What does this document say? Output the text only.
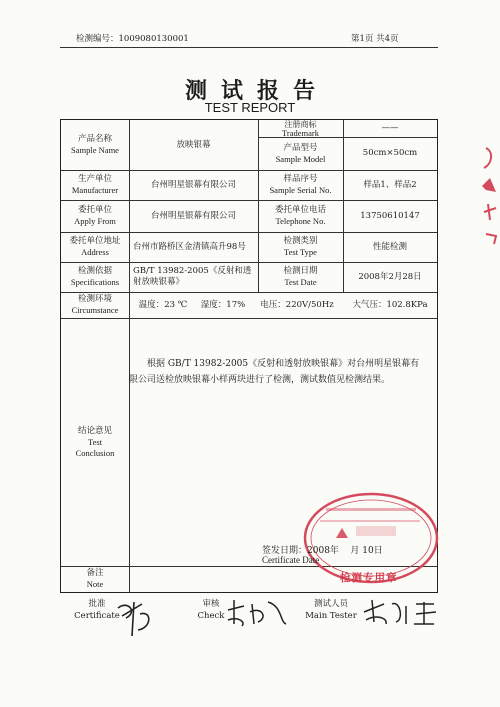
检测编号：1009080130001	第1页 共4页
测试报告
TEST REPORT
产品名称
Sample Name
放映银幕
注册商标
Trademark	——
产品型号
Sample Model
50cm×50cm
生产单位
Manufacturer
台州明星银幕有限公司
样品序号
Sample Serial No.
样品1、样品2
委托单位
Apply From
台州明星银幕有限公司
委托单位电话
Telephone No.
13750610147
委托单位地址
Address
台州市路桥区金清镇高升98号
检测类别
Test Type
性能检测
检测依据
Specifications
GB/T 13982-2005《反射和透射放映银幕》
检测日期
Test Date
2008年2月28日
检测环境
Circumstance
温度：23 ℃ 湿度：17% 电压：220V/50Hz 大气压：102.8KPa
结论意见
Test
Conclusion
备注
Note
根据 GB/T 13982-2005《反射和透射放映银幕》对台州明星银幕有限公司送检放映银幕小样两块进行了检测，测试数值见检测结果。
签发日期：2008年 月 10日
Certificate Date
检测专用章
批准
Certificate
审核
Check
测试人员
Main Tester
